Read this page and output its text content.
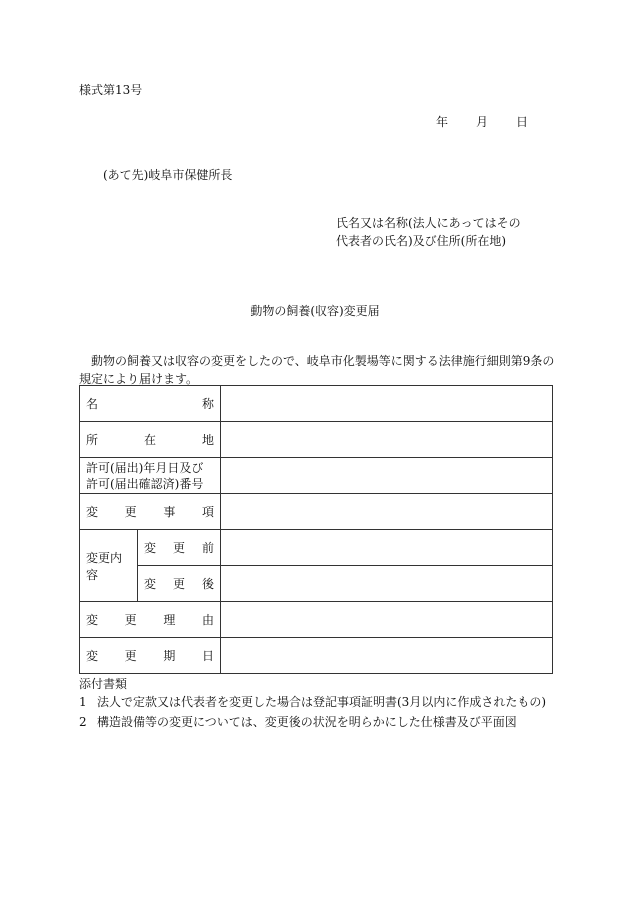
様式第13号
年 月 日
(あて先)岐阜市保健所長
氏名又は名称(法人にあってはその
代表者の氏名)及び住所(所在地)
動物の飼養(収容)変更届
動物の飼養又は収容の変更をしたので、岐阜市化製場等に関する法律施行細則第9条の規定により届けます。
名 称		

所 在 地		

許可(届出)年月日及び
許可(届出確認済)番号		

変 更 事 項		

変更内容	変 更 前	

	変 更 後	

変 更 理 由		

変 更 期 日		

添付書類
1 法人で定款又は代表者を変更した場合は登記事項証明書(3月以内に作成されたもの)
2 構造設備等の変更については、変更後の状況を明らかにした仕様書及び平面図
